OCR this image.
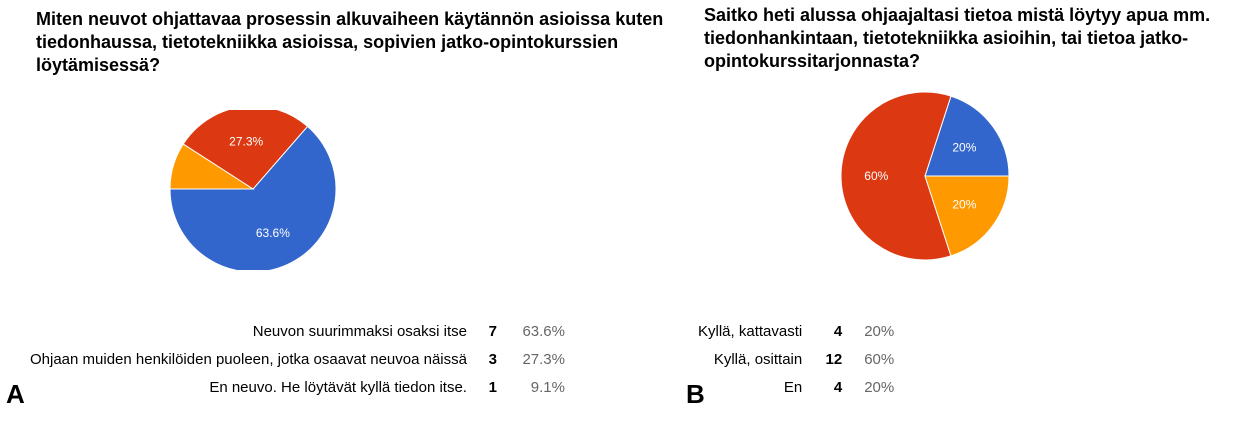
Miten neuvot ohjattavaa prosessin alkuvaiheen käytännön asioissa kuten tiedonhaussa, tietotekniikka asioissa, sopivien jatko-opintokurssien löytämisessä?
63.6%
27.3%
Neuvon suurimmaksi osaksi itse	7	63.6%
Ohjaan muiden henkilöiden puoleen, jotka osaavat neuvoa näissä	3	27.3%
En neuvo. He löytävät kyllä tiedon itse.	1	9.1%
A
Saitko heti alussa ohjaajaltasi tietoa mistä löytyy apua mm. tiedonhankintaan, tietotekniikka asioihin, tai tietoa jatko-opintokurssitarjonnasta?
20%
60%
20%
Kyllä, kattavasti	4	20%
Kyllä, osittain	12	60%
En	4	20%
B
